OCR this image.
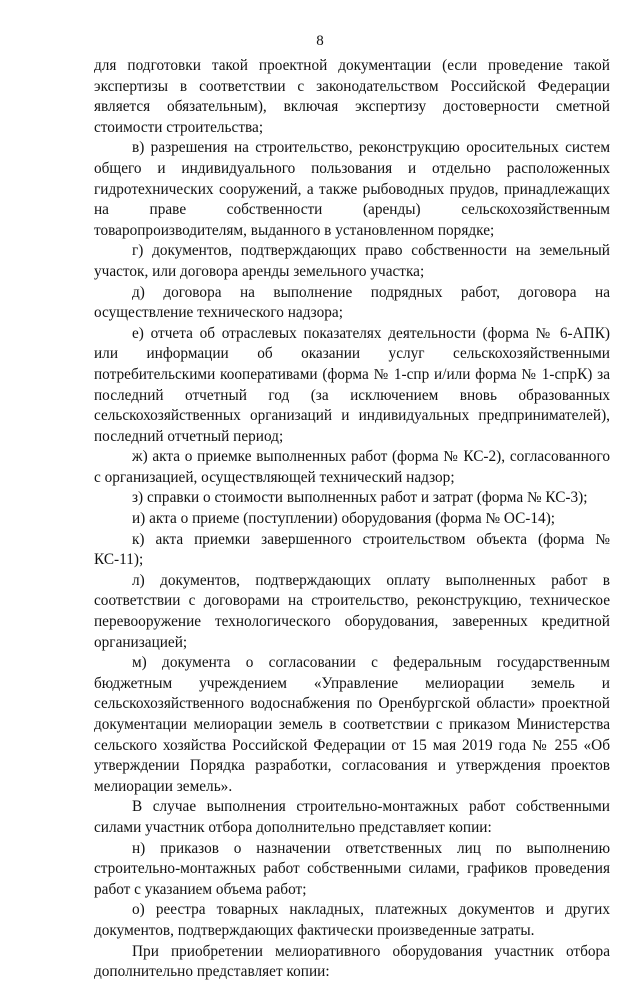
8

для подготовки такой проектной документации (если проведение такой экспертизы в соответствии с законодательством Российской Федерации является обязательным), включая экспертизу достоверности сметной стоимости строительства;

в) разрешения на строительство, реконструкцию оросительных систем общего и индивидуального пользования и отдельно расположенных гидротехнических сооружений, а также рыбоводных прудов, принадлежащих на праве собственности (аренды) сельскохозяйственным товаропроизводителям, выданного в установленном порядке;

г) документов, подтверждающих право собственности на земельный участок, или договора аренды земельного участка;

д) договора на выполнение подрядных работ, договора на осуществление технического надзора;

е) отчета об отраслевых показателях деятельности (форма № 6-АПК) или информации об оказании услуг сельскохозяйственными потребительскими кооперативами (форма № 1-спр и/или форма № 1-спрК) за последний отчетный год (за исключением вновь образованных сельскохозяйственных организаций и индивидуальных предпринимателей), последний отчетный период;

ж) акта о приемке выполненных работ (форма № КС-2), согласованного с организацией, осуществляющей технический надзор;

з) справки о стоимости выполненных работ и затрат (форма № КС-3);

и) акта о приеме (поступлении) оборудования (форма № ОС-14);

к) акта приемки завершенного строительством объекта (форма № КС-11);

л) документов, подтверждающих оплату выполненных работ в соответствии с договорами на строительство, реконструкцию, техническое перевооружение технологического оборудования, заверенных кредитной организацией;

м) документа о согласовании с федеральным государственным бюджетным учреждением «Управление мелиорации земель и сельскохозяйственного водоснабжения по Оренбургской области» проектной документации мелиорации земель в соответствии с приказом Министерства сельского хозяйства Российской Федерации от 15 мая 2019 года № 255 «Об утверждении Порядка разработки, согласования и утверждения проектов мелиорации земель».

В случае выполнения строительно-монтажных работ собственными силами участник отбора дополнительно представляет копии:

н) приказов о назначении ответственных лиц по выполнению строительно-монтажных работ собственными силами, графиков проведения работ с указанием объема работ;

о) реестра товарных накладных, платежных документов и других документов, подтверждающих фактически произведенные затраты.

При приобретении мелиоративного оборудования участник отбора дополнительно представляет копии:
